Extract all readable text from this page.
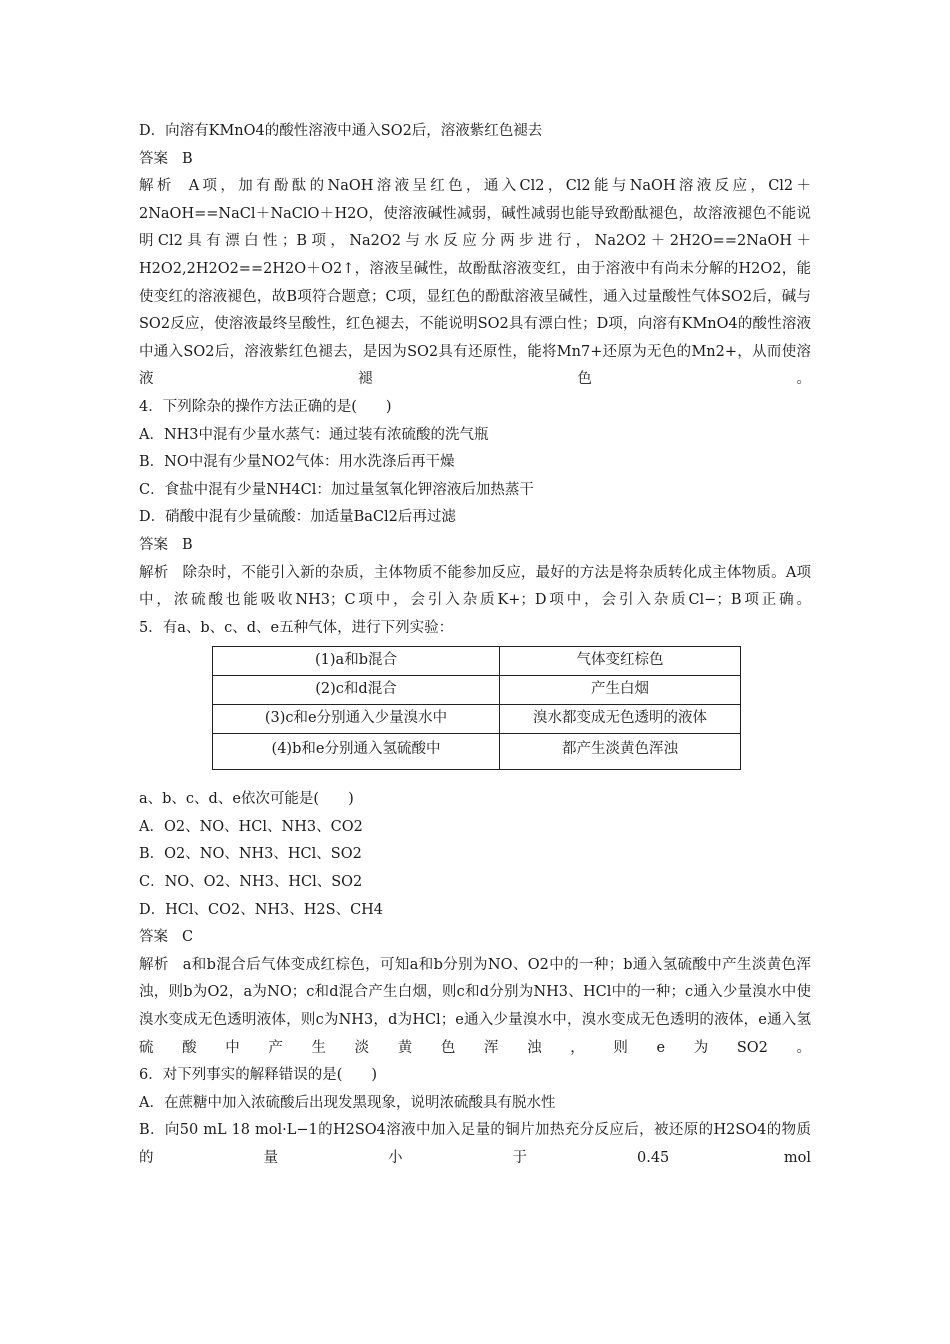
D．向溶有KMnO4的酸性溶液中通入SO2后，溶液紫红色褪去
答案 B
解析 A项，加有酚酞的NaOH溶液呈红色，通入Cl2，Cl2能与NaOH溶液反应，Cl2＋2NaOH==NaCl＋NaClO＋H2O，使溶液碱性减弱，碱性减弱也能导致酚酞褪色，故溶液褪色不能说明Cl2具有漂白性；B项，Na2O2与水反应分两步进行，Na2O2＋2H2O==2NaOH＋H2O2,2H2O2==2H2O＋O2↑，溶液呈碱性，故酚酞溶液变红，由于溶液中有尚未分解的H2O2，能使变红的溶液褪色，故B项符合题意；C项，显红色的酚酞溶液呈碱性，通入过量酸性气体SO2后，碱与SO2反应，使溶液最终呈酸性，红色褪去，不能说明SO2具有漂白性；D项，向溶有KMnO4的酸性溶液中通入SO2后，溶液紫红色褪去，是因为SO2具有还原性，能将Mn7+还原为无色的Mn2+，从而使溶液褪色。
4．下列除杂的操作方法正确的是(　　)
A．NH3中混有少量水蒸气：通过装有浓硫酸的洗气瓶
B．NO中混有少量NO2气体：用水洗涤后再干燥
C．食盐中混有少量NH4Cl：加过量氢氧化钾溶液后加热蒸干
D．硝酸中混有少量硫酸：加适量BaCl2后再过滤
答案 B
解析 除杂时，不能引入新的杂质，主体物质不能参加反应，最好的方法是将杂质转化成主体物质。A项中，浓硫酸也能吸收NH3；C项中，会引入杂质K+；D项中，会引入杂质Cl−；B项正确。
5．有a、b、c、d、e五种气体，进行下列实验：
(1)a和b混合	气体变红棕色
(2)c和d混合	产生白烟
(3)c和e分别通入少量溴水中	溴水都变成无色透明的液体
(4)b和e分别通入氢硫酸中	都产生淡黄色浑浊
a、b、c、d、e依次可能是(　　)
A．O2、NO、HCl、NH3、CO2
B．O2、NO、NH3、HCl、SO2
C．NO、O2、NH3、HCl、SO2
D．HCl、CO2、NH3、H2S、CH4
答案 C
解析 a和b混合后气体变成红棕色，可知a和b分别为NO、O2中的一种；b通入氢硫酸中产生淡黄色浑浊，则b为O2，a为NO；c和d混合产生白烟，则c和d分别为NH3、HCl中的一种；c通入少量溴水中使溴水变成无色透明液体，则c为NH3，d为HCl；e通入少量溴水中，溴水变成无色透明的液体，e通入氢硫酸中产生淡黄色浑浊，则e为SO2。
6．对下列事实的解释错误的是(　　)
A．在蔗糖中加入浓硫酸后出现发黑现象，说明浓硫酸具有脱水性
B．向50 mL 18 mol·L−1的H2SO4溶液中加入足量的铜片加热充分反应后，被还原的H2SO4的物质的量小于0.45 mol
